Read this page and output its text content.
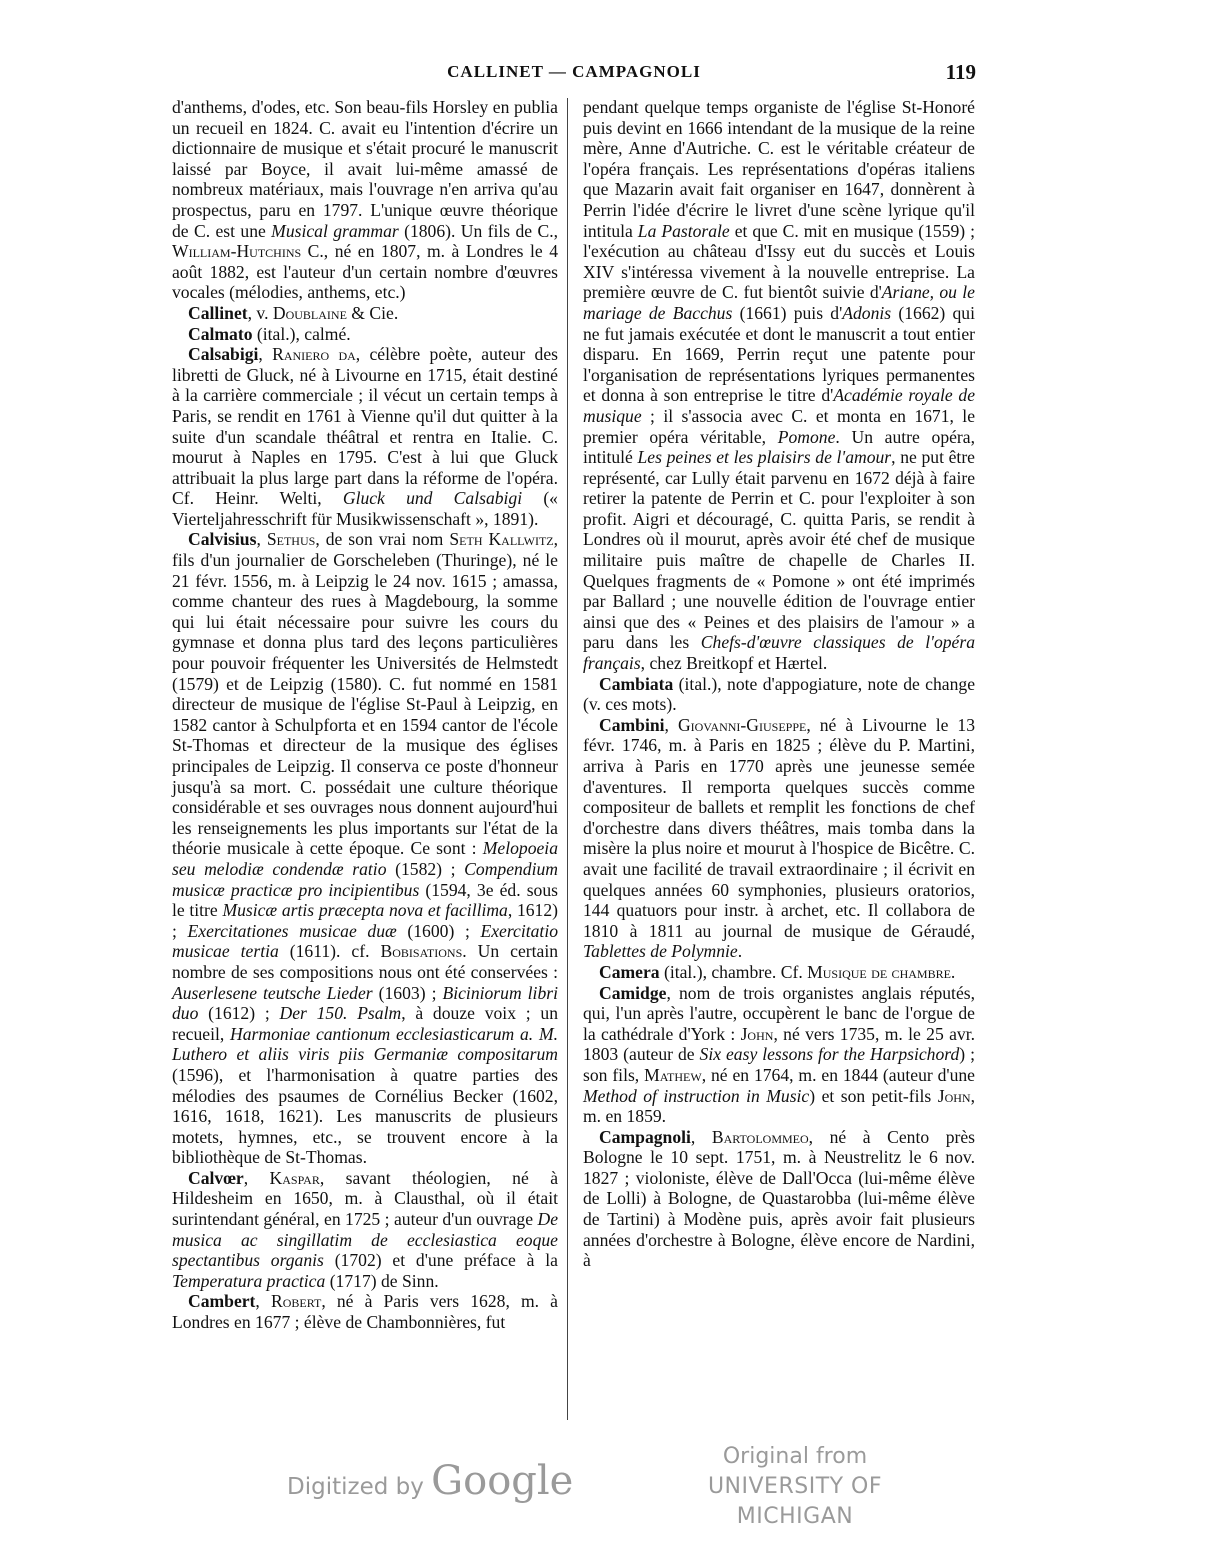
CALLINET — CAMPAGNOLI	119

d'anthems, d'odes, etc. Son beau-fils Horsley en publia un recueil en 1824. C. avait eu l'intention d'écrire un dictionnaire de musique et s'était procuré le manuscrit laissé par Boyce, il avait lui-même amassé de nombreux matériaux, mais l'ouvrage n'en arriva qu'au prospectus, paru en 1797. L'unique œuvre théorique de C. est une Musical grammar (1806). Un fils de C., William-Hutchins C., né en 1807, m. à Londres le 4 août 1882, est l'auteur d'un certain nombre d'œuvres vocales (mélodies, anthems, etc.)

Callinet, v. Doublaine & Cie.

Calmato (ital.), calmé.

Calsabigi, Raniero da, célèbre poète, auteur des libretti de Gluck, né à Livourne en 1715, était destiné à la carrière commerciale ; il vécut un certain temps à Paris, se rendit en 1761 à Vienne qu'il dut quitter à la suite d'un scandale théâtral et rentra en Italie. C. mourut à Naples en 1795. C'est à lui que Gluck attribuait la plus large part dans la réforme de l'opéra. Cf. Heinr. Welti, Gluck und Calsabigi (« Vierteljahresschrift für Musikwissenschaft », 1891).

Calvisius, Sethus, de son vrai nom Seth Kallwitz, fils d'un journalier de Gorscheleben (Thuringe), né le 21 févr. 1556, m. à Leipzig le 24 nov. 1615 ; amassa, comme chanteur des rues à Magdebourg, la somme qui lui était nécessaire pour suivre les cours du gymnase et donna plus tard des leçons particulières pour pouvoir fréquenter les Universités de Helmstedt (1579) et de Leipzig (1580). C. fut nommé en 1581 directeur de musique de l'église St-Paul à Leipzig, en 1582 cantor à Schulpforta et en 1594 cantor de l'école St-Thomas et directeur de la musique des églises principales de Leipzig. Il conserva ce poste d'honneur jusqu'à sa mort. C. possédait une culture théorique considérable et ses ouvrages nous donnent aujourd'hui les renseignements les plus importants sur l'état de la théorie musicale à cette époque. Ce sont : Melopoeia seu melodiæ condendæ ratio (1582) ; Compendium musicæ practicæ pro incipientibus (1594, 3e éd. sous le titre Musicæ artis præcepta nova et facillima, 1612) ; Exercitationes musicae duæ (1600) ; Exercitatio musicae tertia (1611). cf. Bobisations. Un certain nombre de ses compositions nous ont été conservées : Auserlesene teutsche Lieder (1603) ; Biciniorum libri duo (1612) ; Der 150. Psalm, à douze voix ; un recueil, Harmoniae cantionum ecclesiasticarum a. M. Luthero et aliis viris piis Germaniæ compositarum (1596), et l'harmonisation à quatre parties des mélodies des psaumes de Cornélius Becker (1602, 1616, 1618, 1621). Les manuscrits de plusieurs motets, hymnes, etc., se trouvent encore à la bibliothèque de St-Thomas.

Calvœr, Kaspar, savant théologien, né à Hildesheim en 1650, m. à Clausthal, où il était surintendant général, en 1725 ; auteur d'un ouvrage De musica ac singillatim de ecclesiastica eoque spectantibus organis (1702) et d'une préface à la Temperatura practica (1717) de Sinn.

Cambert, Robert, né à Paris vers 1628, m. à Londres en 1677 ; élève de Chambonnières, fut

pendant quelque temps organiste de l'église St-Honoré puis devint en 1666 intendant de la musique de la reine mère, Anne d'Autriche. C. est le véritable créateur de l'opéra français. Les représentations d'opéras italiens que Mazarin avait fait organiser en 1647, donnèrent à Perrin l'idée d'écrire le livret d'une scène lyrique qu'il intitula La Pastorale et que C. mit en musique (1559) ; l'exécution au château d'Issy eut du succès et Louis XIV s'intéressa vivement à la nouvelle entreprise. La première œuvre de C. fut bientôt suivie d'Ariane, ou le mariage de Bacchus (1661) puis d'Adonis (1662) qui ne fut jamais exécutée et dont le manuscrit a tout entier disparu. En 1669, Perrin reçut une patente pour l'organisation de représentations lyriques permanentes et donna à son entreprise le titre d'Académie royale de musique ; il s'associa avec C. et monta en 1671, le premier opéra véritable, Pomone. Un autre opéra, intitulé Les peines et les plaisirs de l'amour, ne put être représenté, car Lully était parvenu en 1672 déjà à faire retirer la patente de Perrin et C. pour l'exploiter à son profit. Aigri et découragé, C. quitta Paris, se rendit à Londres où il mourut, après avoir été chef de musique militaire puis maître de chapelle de Charles II. Quelques fragments de « Pomone » ont été imprimés par Ballard ; une nouvelle édition de l'ouvrage entier ainsi que des « Peines et des plaisirs de l'amour » a paru dans les Chefs-d'œuvre classiques de l'opéra français, chez Breitkopf et Hærtel.

Cambiata (ital.), note d'appogiature, note de change (v. ces mots).

Cambini, Giovanni-Giuseppe, né à Livourne le 13 févr. 1746, m. à Paris en 1825 ; élève du P. Martini, arriva à Paris en 1770 après une jeunesse semée d'aventures. Il remporta quelques succès comme compositeur de ballets et remplit les fonctions de chef d'orchestre dans divers théâtres, mais tomba dans la misère la plus noire et mourut à l'hospice de Bicêtre. C. avait une facilité de travail extraordinaire ; il écrivit en quelques années 60 symphonies, plusieurs oratorios, 144 quatuors pour instr. à archet, etc. Il collabora de 1810 à 1811 au journal de musique de Géraudé, Tablettes de Polymnie.

Camera (ital.), chambre. Cf. Musique de chambre.

Camidge, nom de trois organistes anglais réputés, qui, l'un après l'autre, occupèrent le banc de l'orgue de la cathédrale d'York : John, né vers 1735, m. le 25 avr. 1803 (auteur de Six easy lessons for the Harpsichord) ; son fils, Mathew, né en 1764, m. en 1844 (auteur d'une Method of instruction in Music) et son petit-fils John, m. en 1859.

Campagnoli, Bartolommeo, né à Cento près Bologne le 10 sept. 1751, m. à Neustrelitz le 6 nov. 1827 ; violoniste, élève de Dall'Occa (lui-même élève de Lolli) à Bologne, de Quastarobba (lui-même élève de Tartini) à Modène puis, après avoir fait plusieurs années d'orchestre à Bologne, élève encore de Nardini, à

Digitized by Google
Original from
UNIVERSITY OF MICHIGAN
